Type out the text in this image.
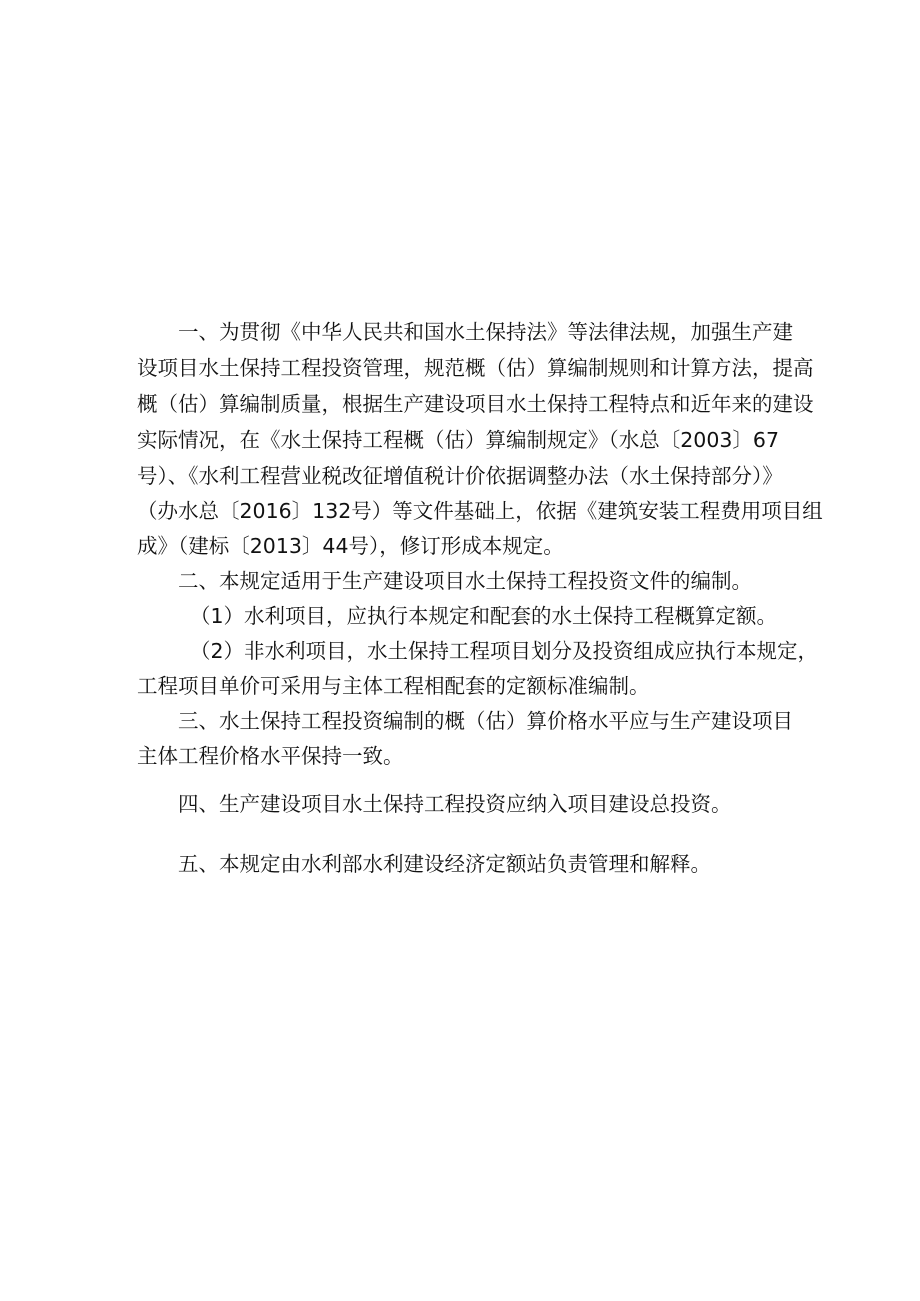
一、为贯彻《中华人民共和国水土保持法》等法律法规，加强生产建
设项目水土保持工程投资管理，规范概（估）算编制规则和计算方法，提高
概（估）算编制质量，根据生产建设项目水土保持工程特点和近年来的建设
实际情况，在《水土保持工程概（估）算编制规定》（水总〔2003〕67
号）、《水利工程营业税改征增值税计价依据调整办法（水土保持部分）》
（办水总〔2016〕132号）等文件基础上，依据《建筑安装工程费用项目组
成》（建标〔2013〕44号），修订形成本规定。
二、本规定适用于生产建设项目水土保持工程投资文件的编制。
（1）水利项目，应执行本规定和配套的水土保持工程概算定额。
（2）非水利项目，水土保持工程项目划分及投资组成应执行本规定，
工程项目单价可采用与主体工程相配套的定额标准编制。
三、水土保持工程投资编制的概（估）算价格水平应与生产建设项目
主体工程价格水平保持一致。
四、生产建设项目水土保持工程投资应纳入项目建设总投资。
五、本规定由水利部水利建设经济定额站负责管理和解释。
